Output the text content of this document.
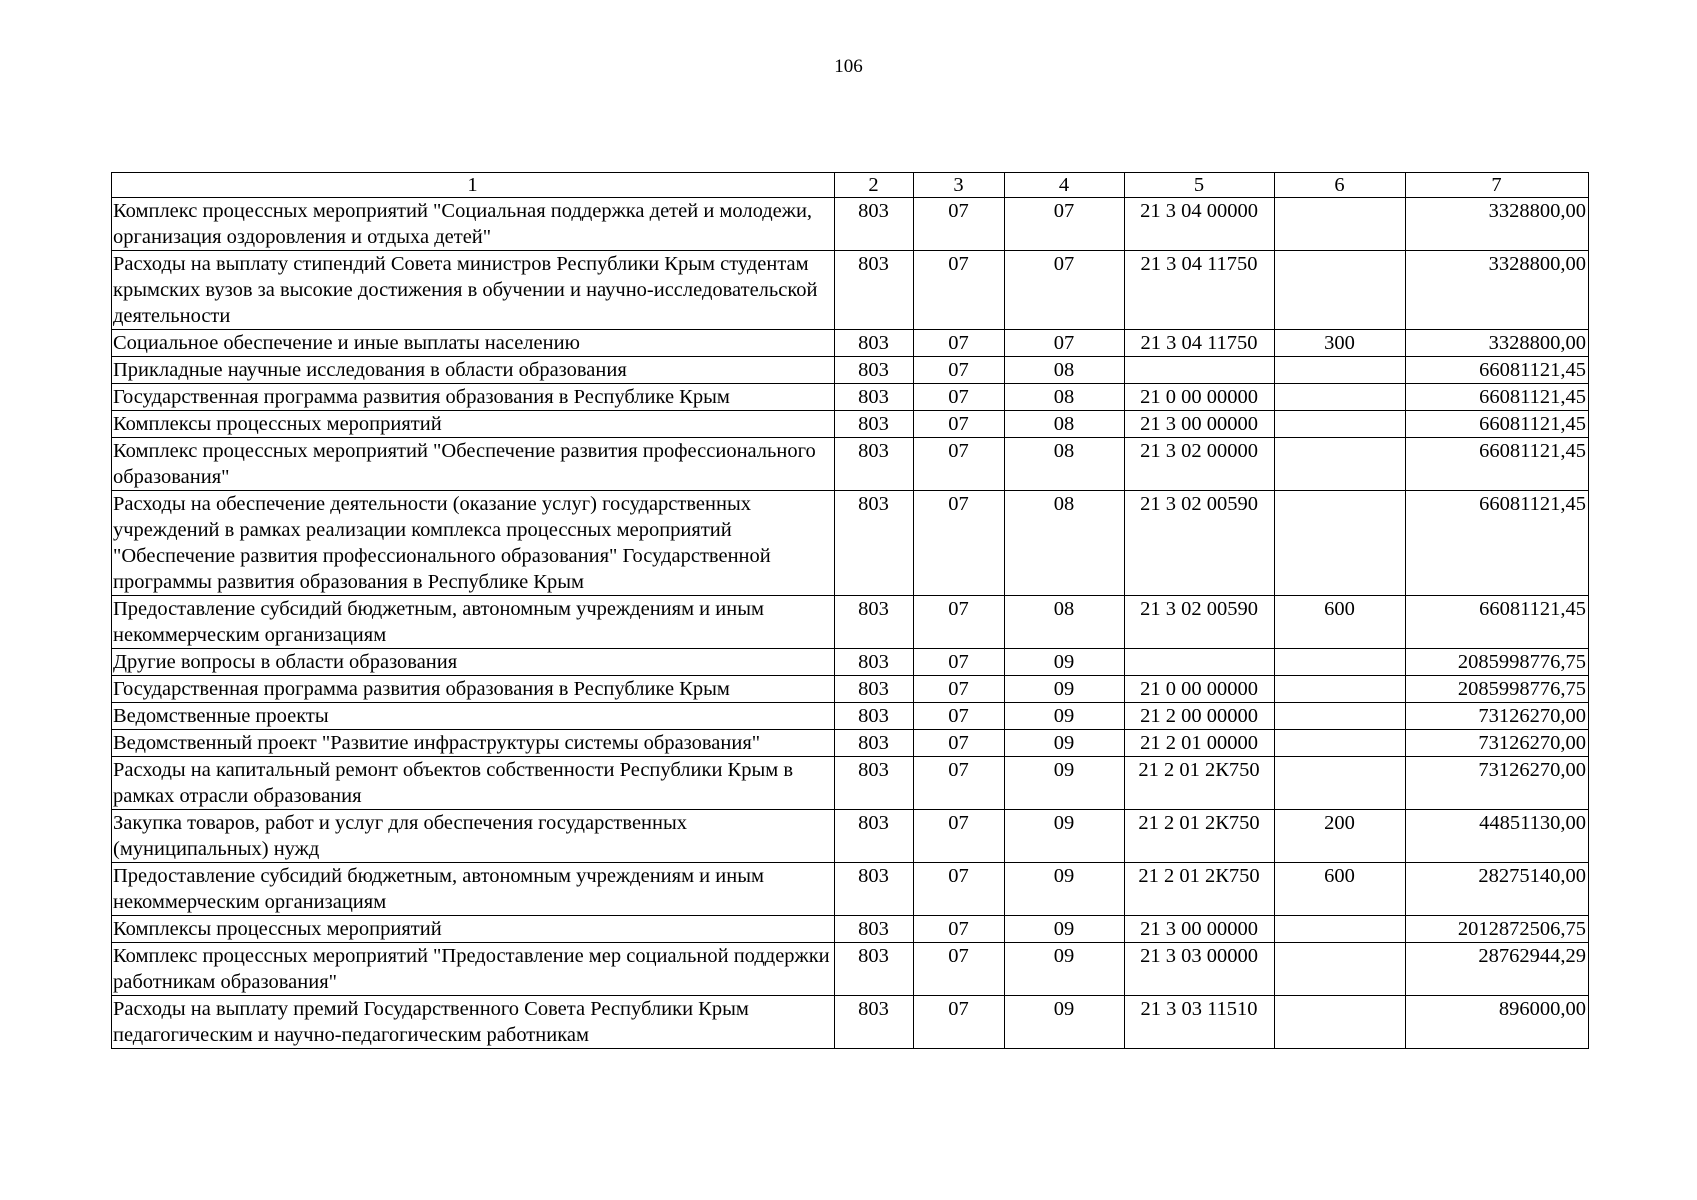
106
1	2	3	4	5	6	7
Комплекс процессных мероприятий "Социальная поддержка детей и молодежи, организация оздоровления и отдыха детей"	803	07	07	21 3 04 00000		3328800,00
Расходы на выплату стипендий Совета министров Республики Крым студентам крымских вузов за высокие достижения в обучении и научно-исследовательской деятельности	803	07	07	21 3 04 11750		3328800,00
Социальное обеспечение и иные выплаты населению	803	07	07	21 3 04 11750	300	3328800,00
Прикладные научные исследования в области образования	803	07	08			66081121,45
Государственная программа развития образования в Республике Крым	803	07	08	21 0 00 00000		66081121,45
Комплексы процессных мероприятий	803	07	08	21 3 00 00000		66081121,45
Комплекс процессных мероприятий "Обеспечение развития профессионального образования"	803	07	08	21 3 02 00000		66081121,45
Расходы на обеспечение деятельности (оказание услуг) государственных учреждений в рамках реализации комплекса процессных мероприятий "Обеспечение развития профессионального образования" Государственной программы развития образования в Республике Крым	803	07	08	21 3 02 00590		66081121,45
Предоставление субсидий бюджетным, автономным учреждениям и иным некоммерческим организациям	803	07	08	21 3 02 00590	600	66081121,45
Другие вопросы в области образования	803	07	09			2085998776,75
Государственная программа развития образования в Республике Крым	803	07	09	21 0 00 00000		2085998776,75
Ведомственные проекты	803	07	09	21 2 00 00000		73126270,00
Ведомственный проект "Развитие инфраструктуры системы образования"	803	07	09	21 2 01 00000		73126270,00
Расходы на капитальный ремонт объектов собственности Республики Крым в рамках отрасли образования	803	07	09	21 2 01 2К750		73126270,00
Закупка товаров, работ и услуг для обеспечения государственных (муниципальных) нужд	803	07	09	21 2 01 2К750	200	44851130,00
Предоставление субсидий бюджетным, автономным учреждениям и иным некоммерческим организациям	803	07	09	21 2 01 2К750	600	28275140,00
Комплексы процессных мероприятий	803	07	09	21 3 00 00000		2012872506,75
Комплекс процессных мероприятий "Предоставление мер социальной поддержки работникам образования"	803	07	09	21 3 03 00000		28762944,29
Расходы на выплату премий Государственного Совета Республики Крым педагогическим и научно-педагогическим работникам	803	07	09	21 3 03 11510		896000,00
